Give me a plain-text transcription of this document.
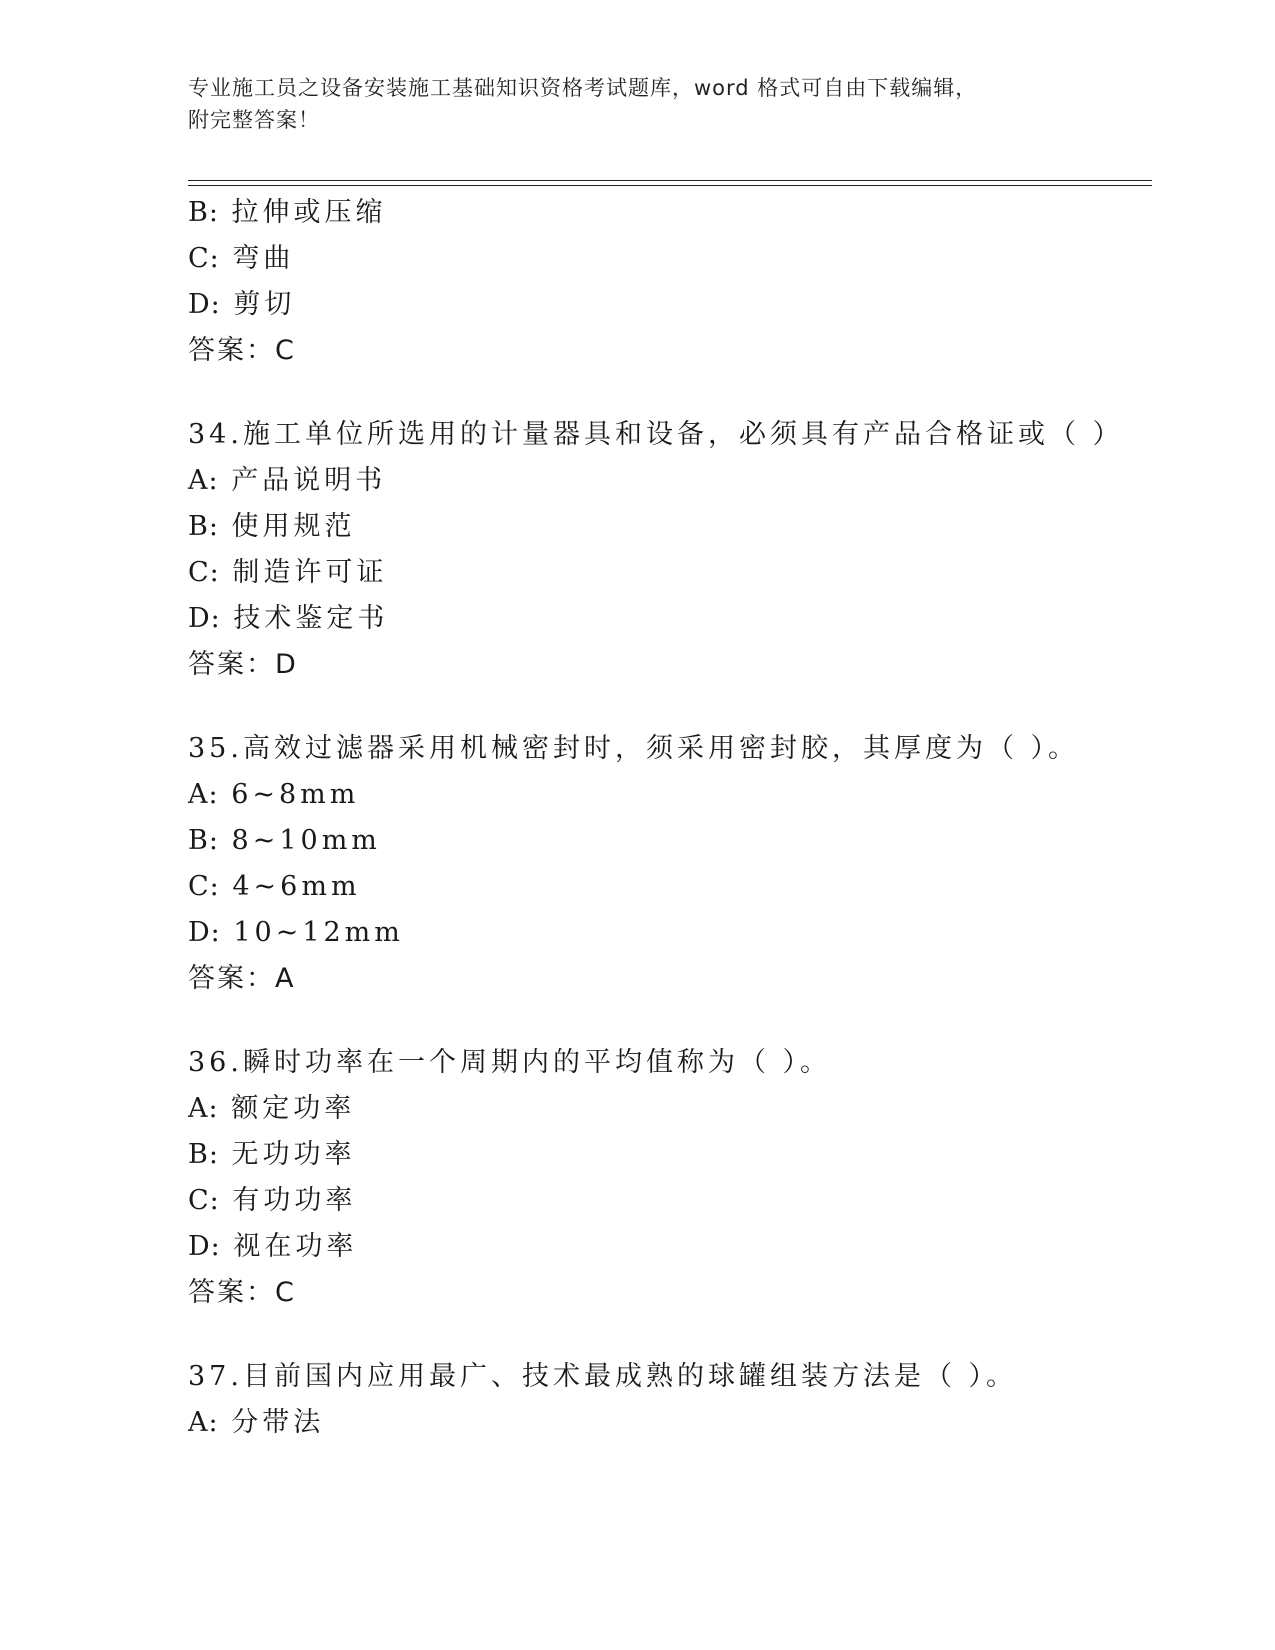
专业施工员之设备安装施工基础知识资格考试题库，word 格式可自由下载编辑，
附完整答案！
B: 拉伸或压缩
C: 弯曲
D: 剪切
答案：C
34.施工单位所选用的计量器具和设备，必须具有产品合格证或（ ）
A: 产品说明书
B: 使用规范
C: 制造许可证
D: 技术鉴定书
答案：D
35.高效过滤器采用机械密封时，须采用密封胶，其厚度为（ ）。
A: 6~8mm
B: 8~10mm
C: 4~6mm
D: 10~12mm
答案：A
36.瞬时功率在一个周期内的平均值称为（ ）。
A: 额定功率
B: 无功功率
C: 有功功率
D: 视在功率
答案：C
37.目前国内应用最广、技术最成熟的球罐组装方法是（ ）。
A: 分带法
